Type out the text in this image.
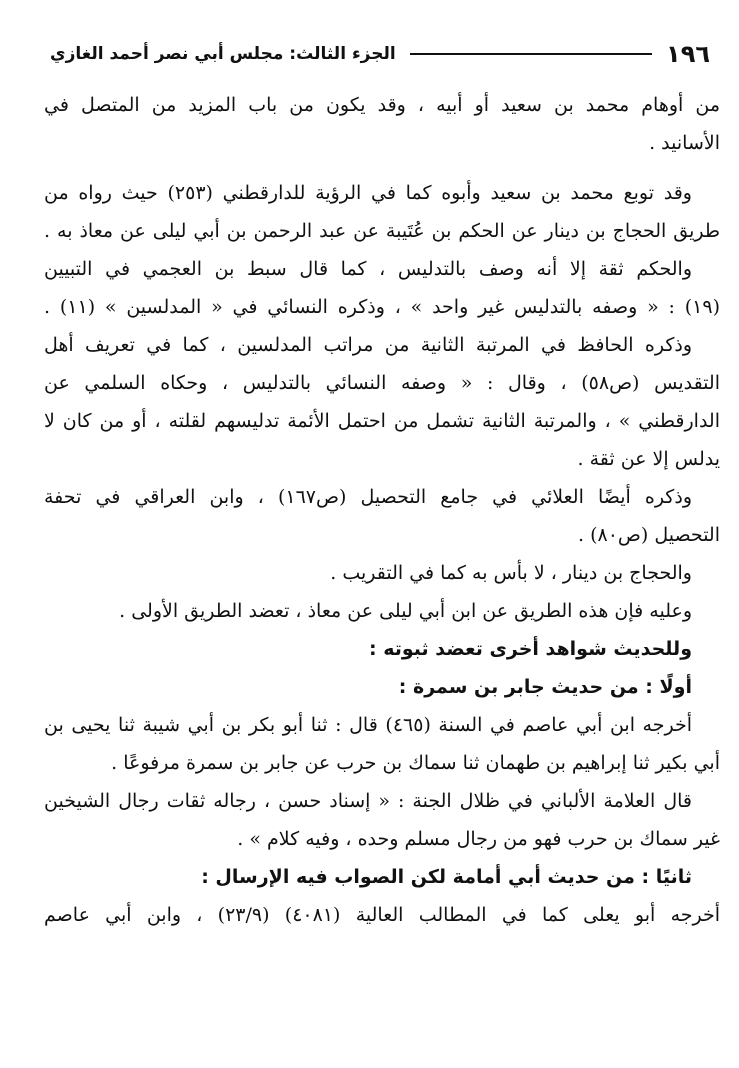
١٩٦
الجزء الثالث: مجلس أبي نصر أحمد الغازي
من أوهام محمد بن سعيد أو أبيه ، وقد يكون من باب المزيد من المتصل في
الأسانيد .
وقد توبع محمد بن سعيد وأبوه كما في الرؤية للدارقطني (٢٥٣) حيث رواه من
طريق الحجاج بن دينار عن الحكم بن عُتَيبة عن عبد الرحمن بن أبي ليلى عن معاذ به .
والحكم ثقة إلا أنه وصف بالتدليس ، كما قال سبط بن العجمي في التبيين
(١٩) : « وصفه بالتدليس غير واحد » ، وذكره النسائي في « المدلسين » (١١) .
وذكره الحافظ في المرتبة الثانية من مراتب المدلسين ، كما في تعريف أهل
التقديس (ص٥٨) ، وقال : « وصفه النسائي بالتدليس ، وحكاه السلمي عن
الدارقطني » ، والمرتبة الثانية تشمل من احتمل الأئمة تدليسهم لقلته ، أو من كان لا
يدلس إلا عن ثقة .
وذكره أيضًا العلائي في جامع التحصيل (ص١٦٧) ، وابن العراقي في تحفة
التحصيل (ص٨٠) .
والحجاج بن دينار ، لا بأس به كما في التقريب .
وعليه فإن هذه الطريق عن ابن أبي ليلى عن معاذ ، تعضد الطريق الأولى .
وللحديث شواهد أخرى تعضد ثبوته :
أولًا : من حديث جابر بن سمرة :
أخرجه ابن أبي عاصم في السنة (٤٦٥) قال : ثنا أبو بكر بن أبي شيبة ثنا يحيى بن
أبي بكير ثنا إبراهيم بن طهمان ثنا سماك بن حرب عن جابر بن سمرة مرفوعًا .
قال العلامة الألباني في ظلال الجنة : « إسناد حسن ، رجاله ثقات رجال الشيخين
غير سماك بن حرب فهو من رجال مسلم وحده ، وفيه كلام » .
ثانيًا : من حديث أبي أمامة لكن الصواب فيه الإرسال :
أخرجه أبو يعلى كما في المطالب العالية (٤٠٨١) (٢٣/٩) ، وابن أبي عاصم
